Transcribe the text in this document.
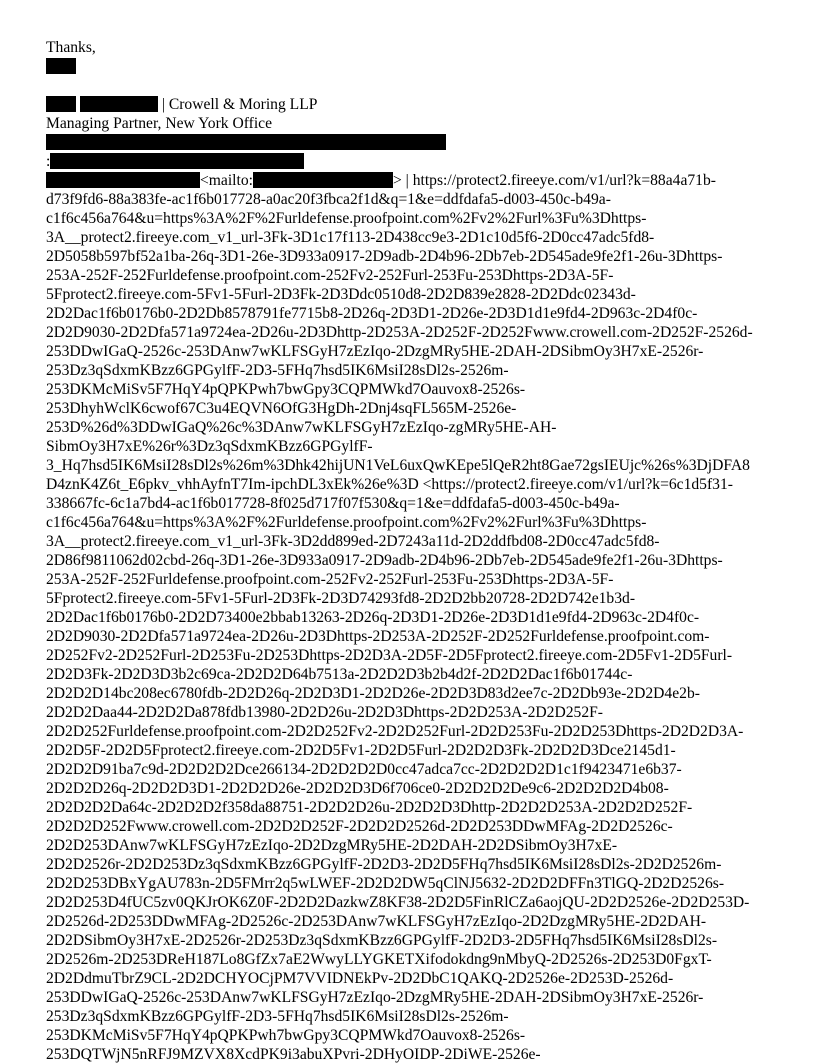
Thanks,
| Crowell & Moring LLP
Managing Partner, New York Office
:
<mailto:	> | https://protect2.fireeye.com/v1/url?k=88a4a71b-
d73f9fd6-88a383fe-ac1f6b017728-a0ac20f3fbca2f1d&q=1&e=ddfdafa5-d003-450c-b49a-
c1f6c456a764&u=https%3A%2F%2Furldefense.proofpoint.com%2Fv2%2Furl%3Fu%3Dhttps-
3A__protect2.fireeye.com_v1_url-3Fk-3D1c17f113-2D438cc9e3-2D1c10d5f6-2D0cc47adc5fd8-
2D5058b597bf52a1ba-26q-3D1-26e-3D933a0917-2D9adb-2D4b96-2Db7eb-2D545ade9fe2f1-26u-3Dhttps-
253A-252F-252Furldefense.proofpoint.com-252Fv2-252Furl-253Fu-253Dhttps-2D3A-5F-
5Fprotect2.fireeye.com-5Fv1-5Furl-2D3Fk-2D3Ddc0510d8-2D2D839e2828-2D2Ddc02343d-
2D2Dac1f6b0176b0-2D2Db8578791fe7715b8-2D26q-2D3D1-2D26e-2D3D1d1e9fd4-2D963c-2D4f0c-
2D2D9030-2D2Dfa571a9724ea-2D26u-2D3Dhttp-2D253A-2D252F-2D252Fwww.crowell.com-2D252F-2526d-
253DDwIGaQ-2526c-253DAnw7wKLFSGyH7zEzIqo-2DzgMRy5HE-2DAH-2DSibmOy3H7xE-2526r-
253Dz3qSdxmKBzz6GPGylfF-2D3-5FHq7hsd5IK6MsiI28sDl2s-2526m-
253DKMcMiSv5F7HqY4pQPKPwh7bwGpy3CQPMWkd7Oauvox8-2526s-
253DhyhWclK6cwof67C3u4EQVN6OfG3HgDh-2Dnj4sqFL565M-2526e-
253D%26d%3DDwIGaQ%26c%3DAnw7wKLFSGyH7zEzIqo-zgMRy5HE-AH-
SibmOy3H7xE%26r%3Dz3qSdxmKBzz6GPGylfF-
3_Hq7hsd5IK6MsiI28sDl2s%26m%3Dhk42hijUN1VeL6uxQwKEpe5lQeR2ht8Gae72gsIEUjc%26s%3DjDFA8
D4znK4Z6t_E6pkv_vhhAyfnT7Im-ipchDL3xEk%26e%3D <https://protect2.fireeye.com/v1/url?k=6c1d5f31-
338667fc-6c1a7bd4-ac1f6b017728-8f025d717f07f530&q=1&e=ddfdafa5-d003-450c-b49a-
c1f6c456a764&u=https%3A%2F%2Furldefense.proofpoint.com%2Fv2%2Furl%3Fu%3Dhttps-
3A__protect2.fireeye.com_v1_url-3Fk-3D2dd899ed-2D7243a11d-2D2ddfbd08-2D0cc47adc5fd8-
2D86f9811062d02cbd-26q-3D1-26e-3D933a0917-2D9adb-2D4b96-2Db7eb-2D545ade9fe2f1-26u-3Dhttps-
253A-252F-252Furldefense.proofpoint.com-252Fv2-252Furl-253Fu-253Dhttps-2D3A-5F-
5Fprotect2.fireeye.com-5Fv1-5Furl-2D3Fk-2D3D74293fd8-2D2D2bb20728-2D2D742e1b3d-
2D2Dac1f6b0176b0-2D2D73400e2bbab13263-2D26q-2D3D1-2D26e-2D3D1d1e9fd4-2D963c-2D4f0c-
2D2D9030-2D2Dfa571a9724ea-2D26u-2D3Dhttps-2D253A-2D252F-2D252Furldefense.proofpoint.com-
2D252Fv2-2D252Furl-2D253Fu-2D253Dhttps-2D2D3A-2D5F-2D5Fprotect2.fireeye.com-2D5Fv1-2D5Furl-
2D2D3Fk-2D2D3D3b2c69ca-2D2D2D64b7513a-2D2D2D3b2b4d2f-2D2D2Dac1f6b01744c-
2D2D2D14bc208ec6780fdb-2D2D26q-2D2D3D1-2D2D26e-2D2D3D83d2ee7c-2D2Db93e-2D2D4e2b-
2D2D2Daa44-2D2D2Da878fdb13980-2D2D26u-2D2D3Dhttps-2D2D253A-2D2D252F-
2D2D252Furldefense.proofpoint.com-2D2D252Fv2-2D2D252Furl-2D2D253Fu-2D2D253Dhttps-2D2D2D3A-
2D2D5F-2D2D5Fprotect2.fireeye.com-2D2D5Fv1-2D2D5Furl-2D2D2D3Fk-2D2D2D3Dce2145d1-
2D2D2D91ba7c9d-2D2D2D2Dce266134-2D2D2D2D0cc47adca7cc-2D2D2D2D1c1f9423471e6b37-
2D2D2D26q-2D2D2D3D1-2D2D2D26e-2D2D2D3D6f706ce0-2D2D2D2De9c6-2D2D2D2D4b08-
2D2D2D2Da64c-2D2D2D2f358da88751-2D2D2D26u-2D2D2D3Dhttp-2D2D2D253A-2D2D2D252F-
2D2D2D252Fwww.crowell.com-2D2D2D252F-2D2D2D2526d-2D2D253DDwMFAg-2D2D2526c-
2D2D253DAnw7wKLFSGyH7zEzIqo-2D2DzgMRy5HE-2D2DAH-2D2DSibmOy3H7xE-
2D2D2526r-2D2D253Dz3qSdxmKBzz6GPGylfF-2D2D3-2D2D5FHq7hsd5IK6MsiI28sDl2s-2D2D2526m-
2D2D253DBxYgAU783n-2D5FMrr2q5wLWEF-2D2D2DW5qClNJ5632-2D2D2DFFn3TlGQ-2D2D2526s-
2D2D253D4fUC5zv0QKJrOK6Z0F-2D2D2DazkwZ8KF38-2D2D5FinRlCZa6aojQU-2D2D2526e-2D2D253D-
2D2526d-2D253DDwMFAg-2D2526c-2D253DAnw7wKLFSGyH7zEzIqo-2D2DzgMRy5HE-2D2DAH-
2D2DSibmOy3H7xE-2D2526r-2D253Dz3qSdxmKBzz6GPGylfF-2D2D3-2D5FHq7hsd5IK6MsiI28sDl2s-
2D2526m-2D253DReH187Lo8GfZx7aE2WwyLLYGKETXifodokdng9nMbyQ-2D2526s-2D253D0FgxT-
2D2DdmuTbrZ9CL-2D2DCHYOCjPM7VVIDNEkPv-2D2DbC1QAKQ-2D2526e-2D253D-2526d-
253DDwIGaQ-2526c-253DAnw7wKLFSGyH7zEzIqo-2DzgMRy5HE-2DAH-2DSibmOy3H7xE-2526r-
253Dz3qSdxmKBzz6GPGylfF-2D3-5FHq7hsd5IK6MsiI28sDl2s-2526m-
253DKMcMiSv5F7HqY4pQPKPwh7bwGpy3CQPMWkd7Oauvox8-2526s-
253DQTWjN5nRFJ9MZVX8XcdPK9i3abuXPvri-2DHyOIDP-2DiWE-2526e-
